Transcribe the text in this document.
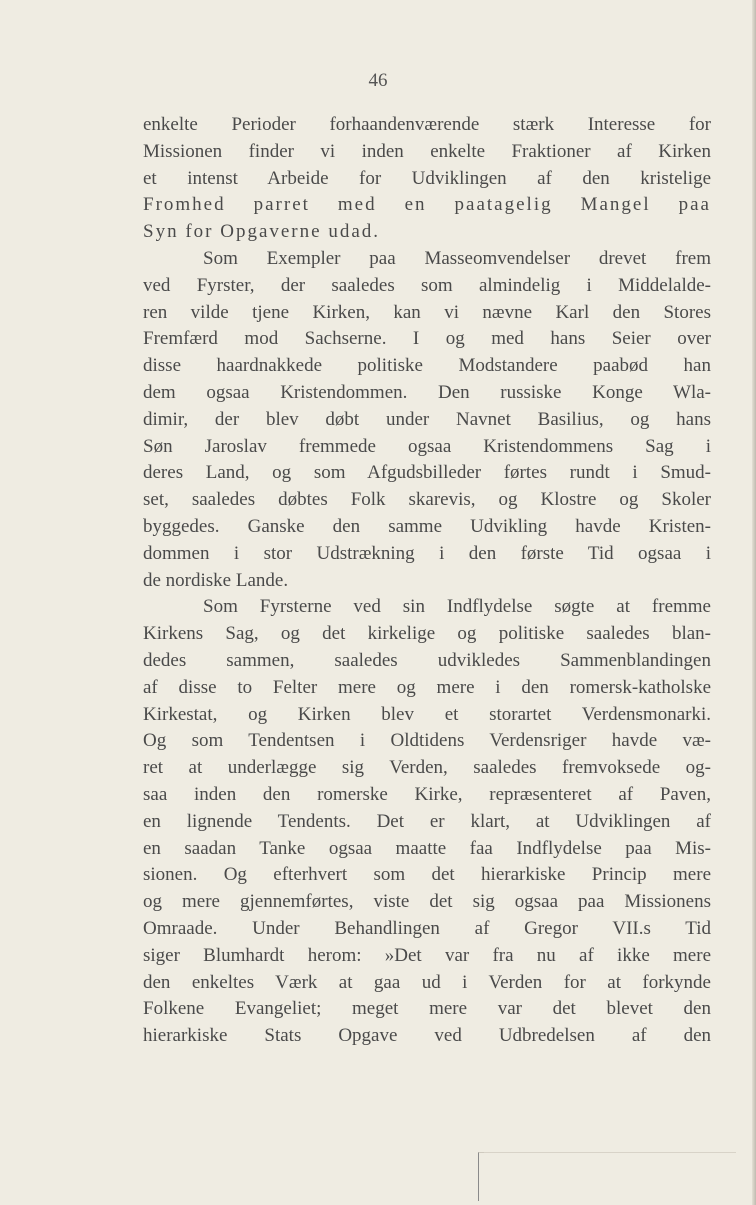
46
enkelte Perioder forhaandenværende stærk Interesse for
Missionen finder vi inden enkelte Fraktioner af Kirken
et intenst Arbeide for Udviklingen af den kristelige
Fromhed parret med en paatagelig Mangel paa
Syn for Opgaverne udad.
Som Exempler paa Masseomvendelser drevet frem
ved Fyrster, der saaledes som almindelig i Middelalde-
ren vilde tjene Kirken, kan vi nævne Karl den Stores
Fremfærd mod Sachserne. I og med hans Seier over
disse haardnakkede politiske Modstandere paabød han
dem ogsaa Kristendommen. Den russiske Konge Wla-
dimir, der blev døbt under Navnet Basilius, og hans
Søn Jaroslav fremmede ogsaa Kristendommens Sag i
deres Land, og som Afgudsbilleder førtes rundt i Smud-
set, saaledes døbtes Folk skarevis, og Klostre og Skoler
byggedes. Ganske den samme Udvikling havde Kristen-
dommen i stor Udstrækning i den første Tid ogsaa i
de nordiske Lande.
Som Fyrsterne ved sin Indflydelse søgte at fremme
Kirkens Sag, og det kirkelige og politiske saaledes blan-
dedes sammen, saaledes udvikledes Sammenblandingen
af disse to Felter mere og mere i den romersk-katholske
Kirkestat, og Kirken blev et storartet Verdensmonarki.
Og som Tendentsen i Oldtidens Verdensriger havde væ-
ret at underlægge sig Verden, saaledes fremvoksede og-
saa inden den romerske Kirke, repræsenteret af Paven,
en lignende Tendents. Det er klart, at Udviklingen af
en saadan Tanke ogsaa maatte faa Indflydelse paa Mis-
sionen. Og efterhvert som det hierarkiske Princip mere
og mere gjennemførtes, viste det sig ogsaa paa Missionens
Omraade. Under Behandlingen af Gregor VII.s Tid
siger Blumhardt herom: »Det var fra nu af ikke mere
den enkeltes Værk at gaa ud i Verden for at forkynde
Folkene Evangeliet; meget mere var det blevet den
hierarkiske Stats Opgave ved Udbredelsen af den
